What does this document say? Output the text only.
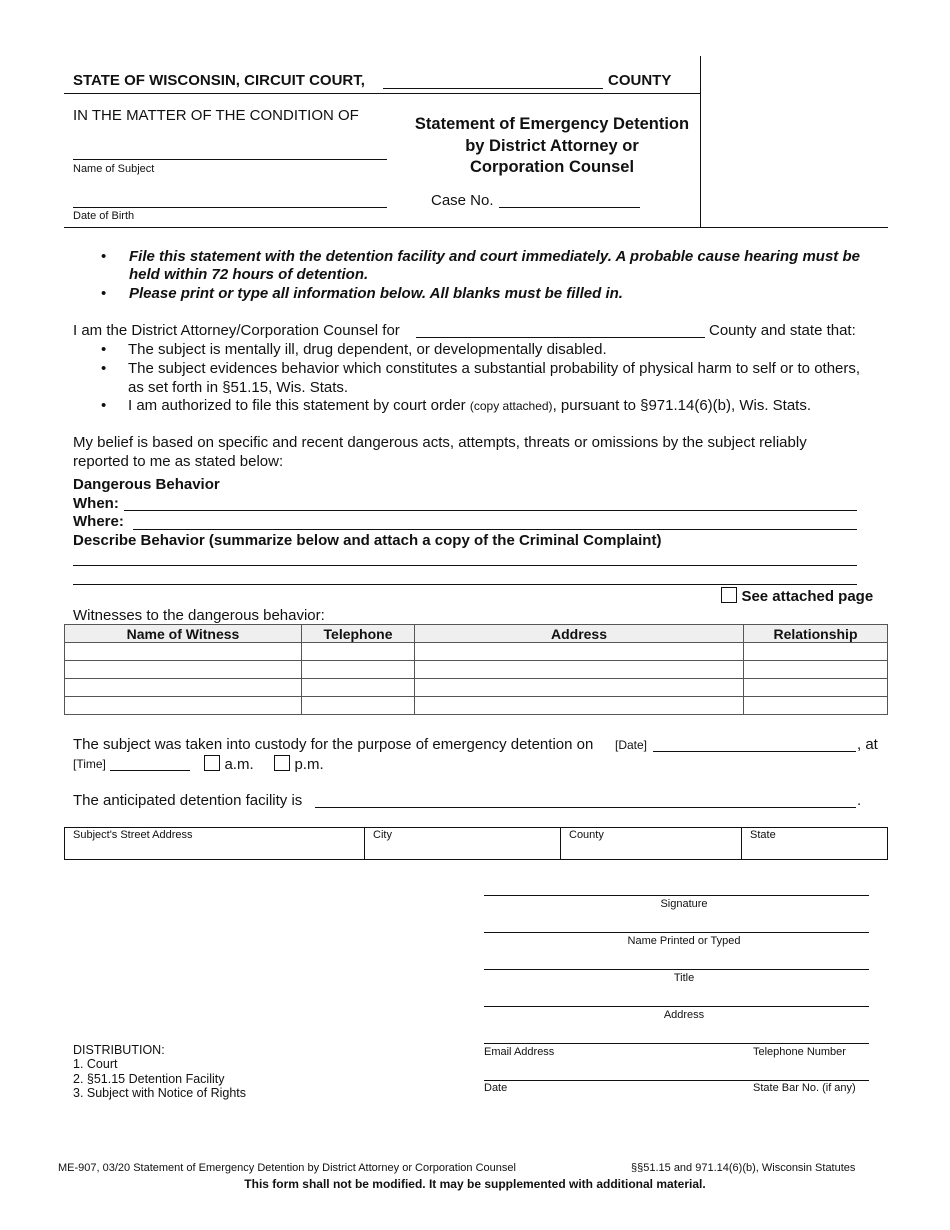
STATE OF WISCONSIN, CIRCUIT COURT,	COUNTY
IN THE MATTER OF THE CONDITION OF
Name of Subject
Date of Birth
Statement of Emergency Detention
by District Attorney or
Corporation Counsel
Case No.
• File this statement with the detention facility and court immediately. A probable cause hearing must be held within 72 hours of detention.
• Please print or type all information below. All blanks must be filled in.
I am the District Attorney/Corporation Counsel for	County and state that:
• The subject is mentally ill, drug dependent, or developmentally disabled.
• The subject evidences behavior which constitutes a substantial probability of physical harm to self or to others, as set forth in §51.15, Wis. Stats.
• I am authorized to file this statement by court order (copy attached), pursuant to §971.14(6)(b), Wis. Stats.
My belief is based on specific and recent dangerous acts, attempts, threats or omissions by the subject reliably reported to me as stated below:
Dangerous Behavior
When:
Where:
Describe Behavior (summarize below and attach a copy of the Criminal Complaint)
See attached page
Witnesses to the dangerous behavior:
Name of Witness	Telephone	Address	Relationship

The subject was taken into custody for the purpose of emergency detention on [Date]	, at
[Time]	a.m.	p.m.
The anticipated detention facility is	.
Subject's Street Address	City	County	State
Signature
Name Printed or Typed
Title
Address
Email Address	Telephone Number
Date	State Bar No. (if any)
DISTRIBUTION:
1. Court
2. §51.15 Detention Facility
3. Subject with Notice of Rights
ME-907, 03/20 Statement of Emergency Detention by District Attorney or Corporation Counsel	§§51.15 and 971.14(6)(b), Wisconsin Statutes
This form shall not be modified. It may be supplemented with additional material.
